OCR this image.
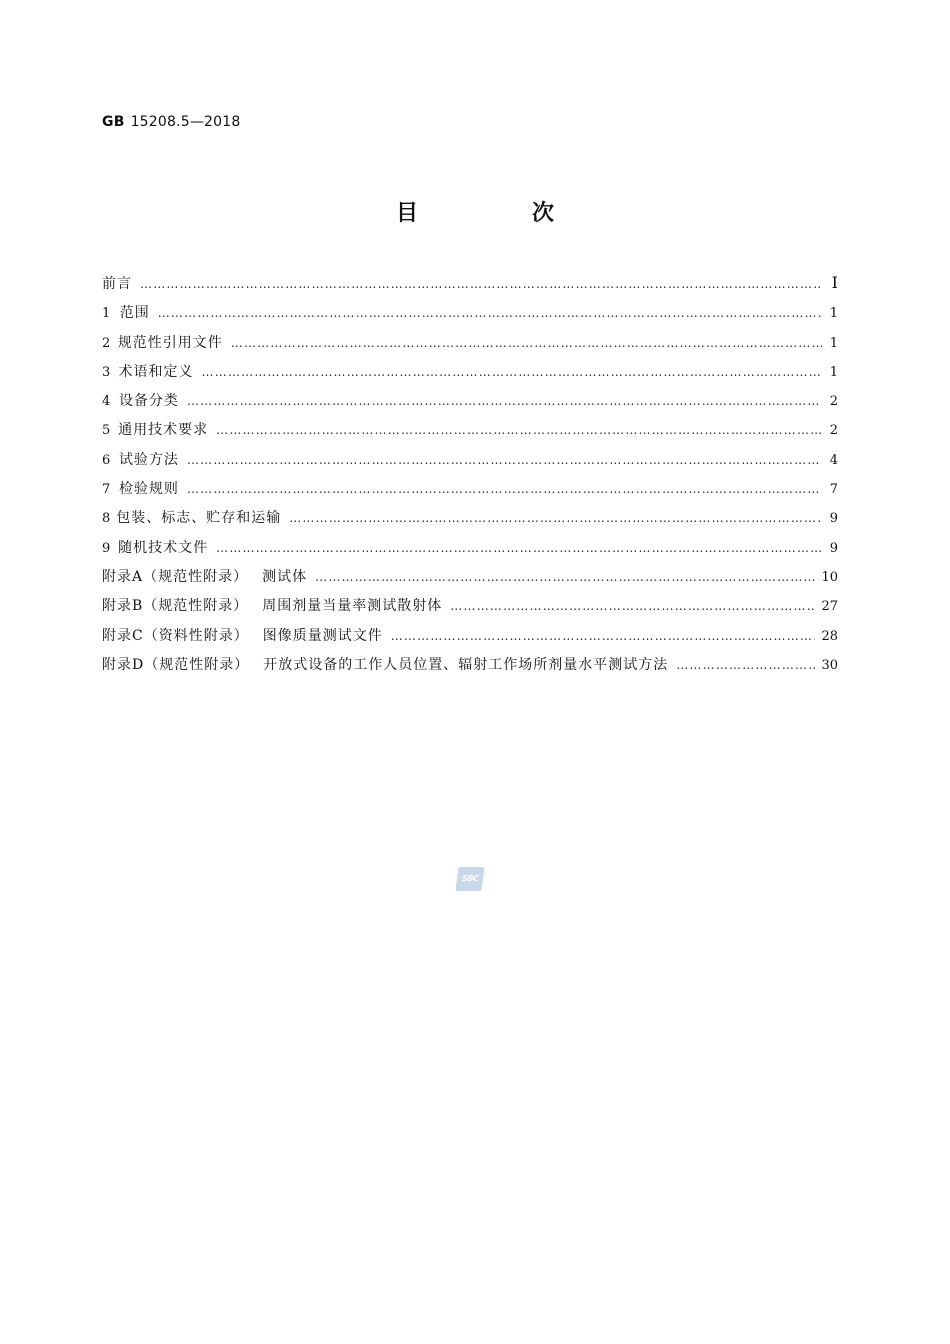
GB 15208.5—2018
目　次
前言 ……………………………………………………………………………………………………………………………………………………………………………………………	Ⅰ
1 范围 ……………………………………………………………………………………………………………………………………………………………………………………………	1
2 规范性引用文件 ……………………………………………………………………………………………………………………………………………………………………………………………	1
3 术语和定义 ……………………………………………………………………………………………………………………………………………………………………………………………	1
4 设备分类 ……………………………………………………………………………………………………………………………………………………………………………………………	2
5 通用技术要求 ……………………………………………………………………………………………………………………………………………………………………………………………	2
6 试验方法 ……………………………………………………………………………………………………………………………………………………………………………………………	4
7 检验规则 ……………………………………………………………………………………………………………………………………………………………………………………………	7
8 包装、标志、贮存和运输 ……………………………………………………………………………………………………………………………………………………………………………………………	9
9 随机技术文件 ……………………………………………………………………………………………………………………………………………………………………………………………	9
附录A（规范性附录） 测试体 ……………………………………………………………………………………………………………………………………………………………………………………………	10
附录B（规范性附录） 周围剂量当量率测试散射体 ……………………………………………………………………………………………………………………………………………………………………………………………	27
附录C（资料性附录） 图像质量测试文件 ……………………………………………………………………………………………………………………………………………………………………………………………	28
附录D（规范性附录） 开放式设备的工作人员位置、辐射工作场所剂量水平测试方法 ……………………………………………………………………………………………………………………………………………………………………………………………	30
SBC
